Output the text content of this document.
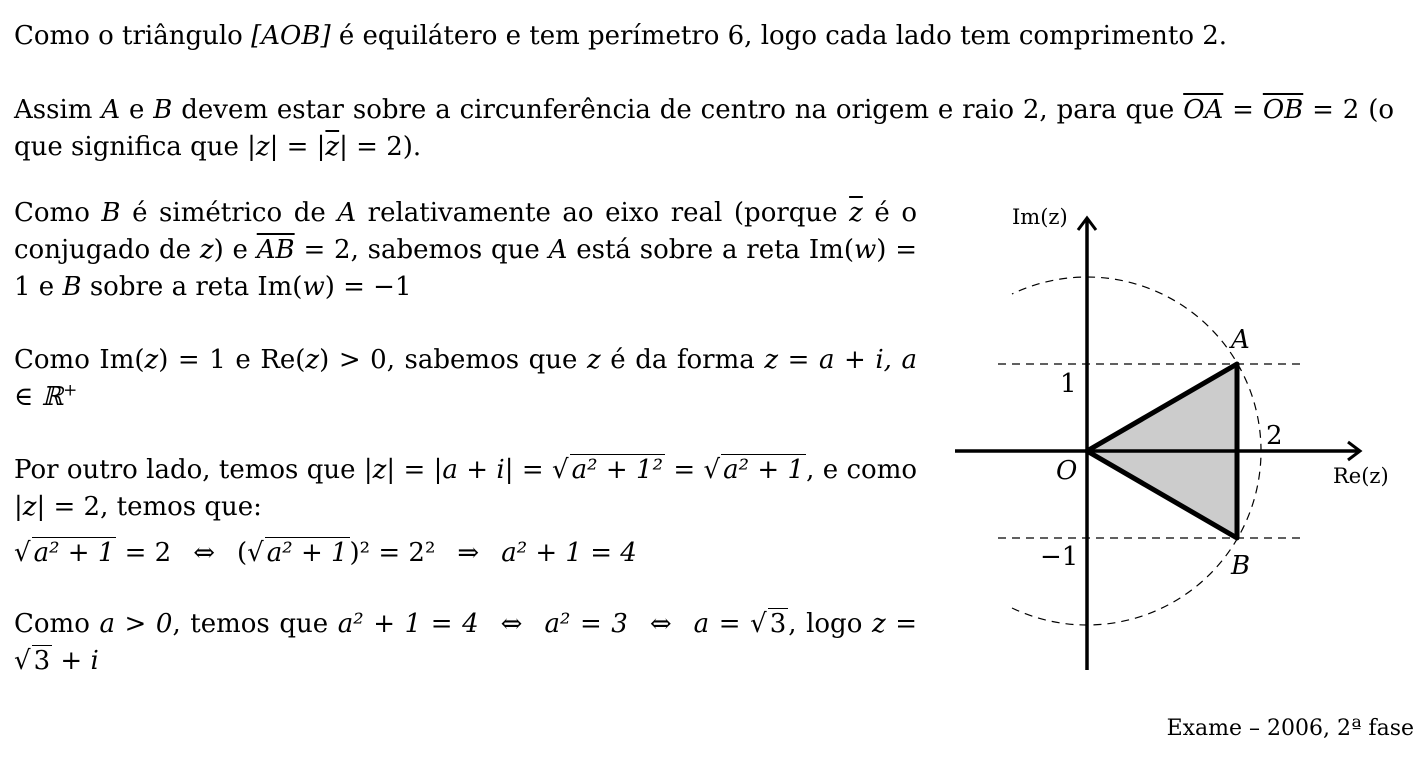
Como o triângulo [AOB] é equilátero e tem perímetro 6, logo cada lado tem comprimento 2.

Assim A e B devem estar sobre a circunferência de centro na origem e raio 2, para que $\overline{OA} = \overline{OB} = 2$ (o que significa que $|z| = |\overline{z}| = 2$).

Como B é simétrico de A relativamente ao eixo real (porque $\overline{z}$ é o conjugado de z) e $\overline{AB} = 2$, sabemos que A está sobre a reta Im(w) = 1 e B sobre a reta Im(w) = −1

Como Im(z) = 1 e Re(z) > 0, sabemos que z é da forma z = a + i, a ∈ ℝ+

Por outro lado, temos que |z| = |a + i| = √ a² + 1² = √ a² + 1, e como |z| = 2, temos que:

√ a² + 1 = 2 ⇔ (√ a² + 1)² = 2² ⇒ a² + 1 = 4

Como a > 0, temos que a² + 1 = 4 ⇔ a² = 3 ⇔ a = √ 3, logo z = √ 3 + i

Im(z)
Re(z)
O
A
B
1
−1
2
Exame – 2006, 2ª fase
